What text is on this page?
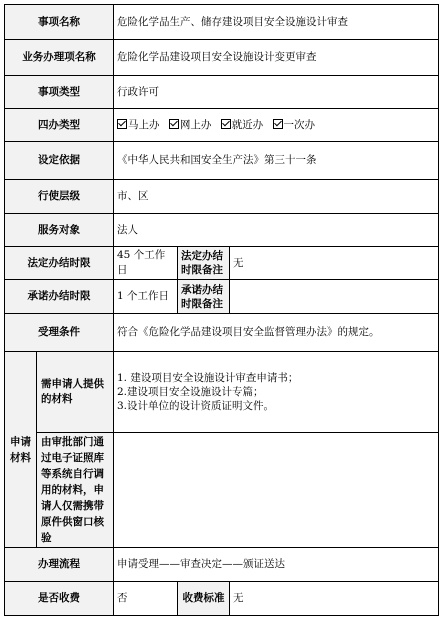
事项名称		危险化学品生产、储存建设项目安全设施设计审查		
业务办理项名称		危险化学品建设项目安全设施设计变更审查		
事项类型		行政许可		
四办类型		马上办 网上办 就近办 一次办		
设定依据		《中华人民共和国安全生产法》第三十一条		
行使层级		市、区		
服务对象		法人		
法定办结时限		45 个工作日	法定办结时限备注	无
承诺办结时限		1 个工作日	承诺办结时限备注	
受理条件		符合《危险化学品建设项目安全监督管理办法》的规定。		
申请材料	需申请人提供的材料	1. 建设项目安全设施设计审查申请书；
2.建设项目安全设施设计专篇；
3.设计单位的设计资质证明文件。		

	由审批部门通过电子证照库等系统自行调用的材料，申请人仅需携带原件供窗口核验			
办理流程		申请受理——审查决定——颁证送达		
是否收费		否	收费标准	无
